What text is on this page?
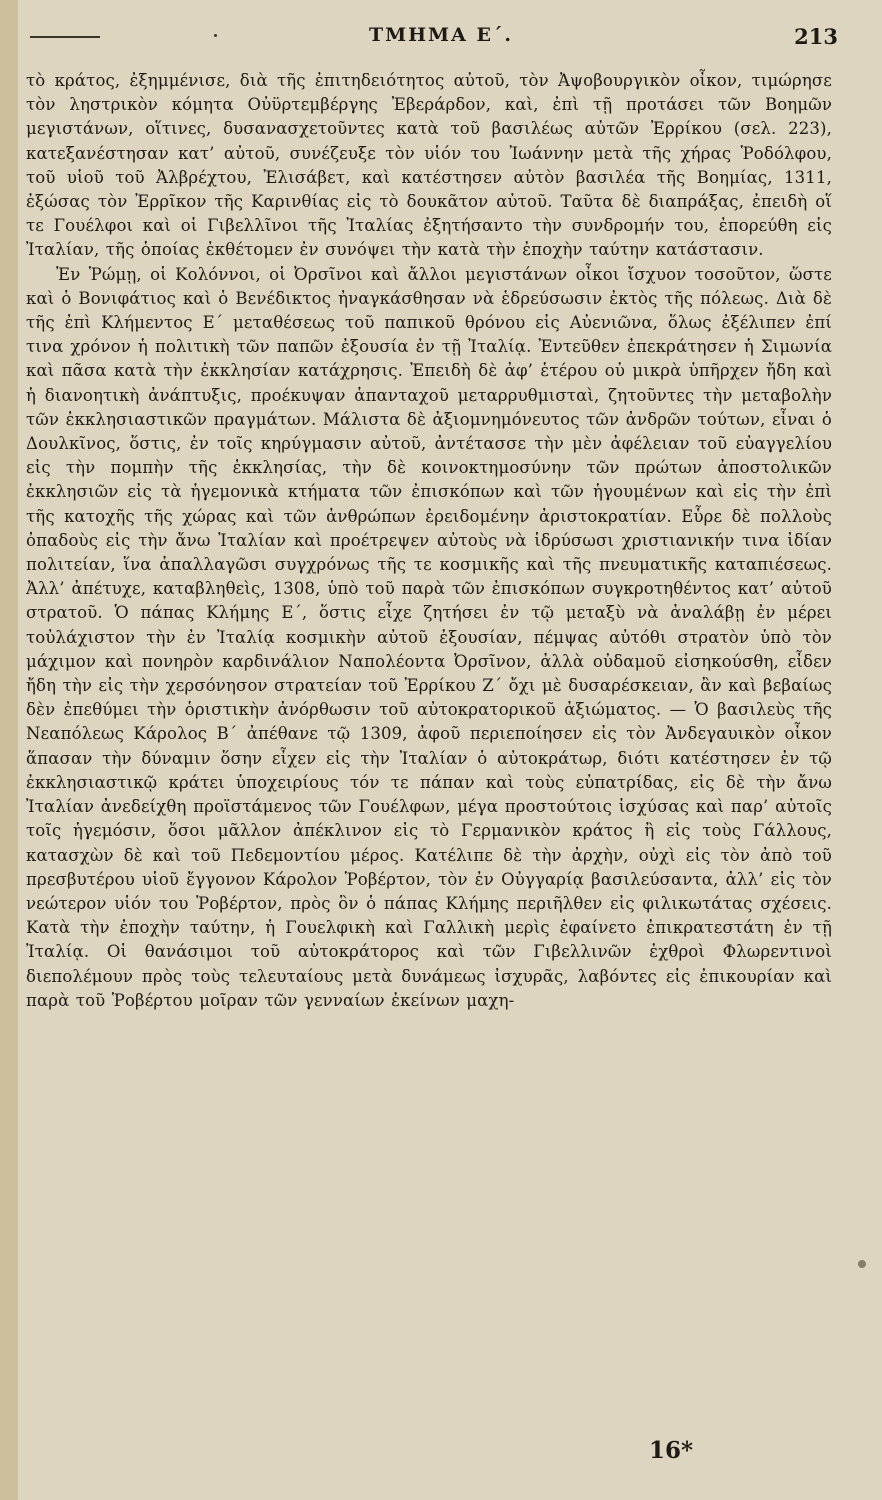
ΤΜΗΜΑ Ε΄.	213

τὸ κράτος, ἐξημμένισε, διὰ τῆς ἐπιτηδειότητος αὐτοῦ, τὸν Ἀψοβουργικὸν οἶκον, τιμώρησε τὸν ληστρικὸν κόμητα Οὐϋρτεμβέργης Ἐβεράρδον, καὶ, ἐπὶ τῇ προτάσει τῶν Βοημῶν μεγιστάνων, οἵτινες, δυσανασχετοῦντες κατὰ τοῦ βασιλέως αὐτῶν Ἐρρίκου (σελ. 223), κατεξανέστησαν κατ’ αὐτοῦ, συνέζευξε τὸν υἱόν του Ἰωάννην μετὰ τῆς χήρας Ῥοδόλφου, τοῦ υἱοῦ τοῦ Ἀλβρέχτου, Ἐλισάβετ, καὶ κατέστησεν αὐτὸν βασιλέα τῆς Βοημίας, 1311, ἐξώσας τὸν Ἐρρῖκον τῆς Καρινθίας εἰς τὸ δουκᾶτον αὐτοῦ. Ταῦτα δὲ διαπράξας, ἐπειδὴ οἵ τε Γουέλφοι καὶ οἱ Γιβελλῖνοι τῆς Ἰταλίας ἐξητήσαντο τὴν συνδρομήν του, ἐπορεύθη εἰς Ἰταλίαν, τῆς ὁποίας ἐκθέτομεν ἐν συνόψει τὴν κατὰ τὴν ἐποχὴν ταύτην κατάστασιν.

Ἐν Ῥώμῃ, οἱ Κολόννοι, οἱ Ὀρσῖνοι καὶ ἄλλοι μεγιστάνων οἶκοι ἴσχυον τοσοῦτον, ὥστε καὶ ὁ Βονιφάτιος καὶ ὁ Βενέδικτος ἠναγκάσθησαν νὰ ἑδρεύσωσιν ἐκτὸς τῆς πόλεως. Διὰ δὲ τῆς ἐπὶ Κλήμεντος Ε΄ μεταθέσεως τοῦ παπικοῦ θρόνου εἰς Αὐενιῶνα, ὅλως ἐξέλιπεν ἐπί τινα χρόνον ἡ πολιτικὴ τῶν παπῶν ἐξουσία ἐν τῇ Ἰταλίᾳ. Ἐντεῦθεν ἐπεκράτησεν ἡ Σιμωνία καὶ πᾶσα κατὰ τὴν ἐκκλησίαν κατάχρησις. Ἐπειδὴ δὲ ἀφ’ ἑτέρου οὐ μικρὰ ὑπῆρχεν ἤδη καὶ ἡ διανοητικὴ ἀνάπτυξις, προέκυψαν ἁπανταχοῦ μεταρρυθμισταὶ, ζητοῦντες τὴν μεταβολὴν τῶν ἐκκλησιαστικῶν πραγμάτων. Μάλιστα δὲ ἀξιομνημόνευτος τῶν ἀνδρῶν τούτων, εἶναι ὁ Δουλκῖνος, ὅστις, ἐν τοῖς κηρύγμασιν αὐτοῦ, ἀντέτασσε τὴν μὲν ἀφέλειαν τοῦ εὐαγγελίου εἰς τὴν πομπὴν τῆς ἐκκλησίας, τὴν δὲ κοινοκτημοσύνην τῶν πρώτων ἀποστολικῶν ἐκκλησιῶν εἰς τὰ ἡγεμονικὰ κτήματα τῶν ἐπισκόπων καὶ τῶν ἡγουμένων καὶ εἰς τὴν ἐπὶ τῆς κατοχῆς τῆς χώρας καὶ τῶν ἀνθρώπων ἐρειδομένην ἀριστοκρατίαν. Εὗρε δὲ πολλοὺς ὀπαδοὺς εἰς τὴν ἄνω Ἰταλίαν καὶ προέτρεψεν αὐτοὺς νὰ ἱδρύσωσι χριστιανικήν τινα ἰδίαν πολιτείαν, ἵνα ἀπαλλαγῶσι συγχρόνως τῆς τε κοσμικῆς καὶ τῆς πνευματικῆς καταπιέσεως. Ἀλλ’ ἀπέτυχε, καταβληθεὶς, 1308, ὑπὸ τοῦ παρὰ τῶν ἐπισκόπων συγκροτηθέντος κατ’ αὐτοῦ στρατοῦ. Ὁ πάπας Κλήμης Ε΄, ὅστις εἶχε ζητήσει ἐν τῷ μεταξὺ νὰ ἀναλάβῃ ἐν μέρει τοὐλάχιστον τὴν ἐν Ἰταλίᾳ κοσμικὴν αὐτοῦ ἐξουσίαν, πέμψας αὐτόθι στρατὸν ὑπὸ τὸν μάχιμον καὶ πονηρὸν καρδινάλιον Ναπολέοντα Ὀρσῖνον, ἀλλὰ οὐδαμοῦ εἰσηκούσθη, εἶδεν ἤδη τὴν εἰς τὴν χερσόνησον στρατείαν τοῦ Ἐρρίκου Ζ΄ ὄχι μὲ δυσαρέσκειαν, ἂν καὶ βεβαίως δὲν ἐπεθύμει τὴν ὁριστικὴν ἀνόρθωσιν τοῦ αὐτοκρατορικοῦ ἀξιώματος. — Ὁ βασιλεὺς τῆς Νεαπόλεως Κάρολος Β΄ ἀπέθανε τῷ 1309, ἀφοῦ περιεποίησεν εἰς τὸν Ἀνδεγαυικὸν οἶκον ἅπασαν τὴν δύναμιν ὅσην εἶχεν εἰς τὴν Ἰταλίαν ὁ αὐτοκράτωρ, διότι κατέστησεν ἐν τῷ ἐκκλησιαστικῷ κράτει ὑποχειρίους τόν τε πάπαν καὶ τοὺς εὐπατρίδας, εἰς δὲ τὴν ἄνω Ἰταλίαν ἀνεδείχθη προϊστάμενος τῶν Γουέλφων, μέγα προστούτοις ἰσχύσας καὶ παρ’ αὐτοῖς τοῖς ἡγεμόσιν, ὅσοι μᾶλλον ἀπέκλινον εἰς τὸ Γερμανικὸν κράτος ἢ εἰς τοὺς Γάλλους, κατασχὼν δὲ καὶ τοῦ Πεδεμοντίου μέρος. Κατέλιπε δὲ τὴν ἀρχὴν, οὐχὶ εἰς τὸν ἀπὸ τοῦ πρεσβυτέρου υἱοῦ ἔγγονον Κάρολον Ῥοβέρτον, τὸν ἐν Οὐγγαρίᾳ βασιλεύσαντα, ἀλλ’ εἰς τὸν νεώτερον υἱόν του Ῥοβέρτον, πρὸς ὃν ὁ πάπας Κλήμης περιῆλθεν εἰς φιλικωτάτας σχέσεις. Κατὰ τὴν ἐποχὴν ταύτην, ἡ Γουελφικὴ καὶ Γαλλικὴ μερὶς ἐφαίνετο ἐπικρατεστάτη ἐν τῇ Ἰταλίᾳ. Οἱ θανάσιμοι τοῦ αὐτοκράτορος καὶ τῶν Γιβελλινῶν ἐχθροὶ Φλωρεντινοὶ διεπολέμουν πρὸς τοὺς τελευταίους μετὰ δυνάμεως ἰσχυρᾶς, λαβόντες εἰς ἐπικουρίαν καὶ παρὰ τοῦ Ῥοβέρτου μοῖραν τῶν γενναίων ἐκείνων μαχη-

16*
